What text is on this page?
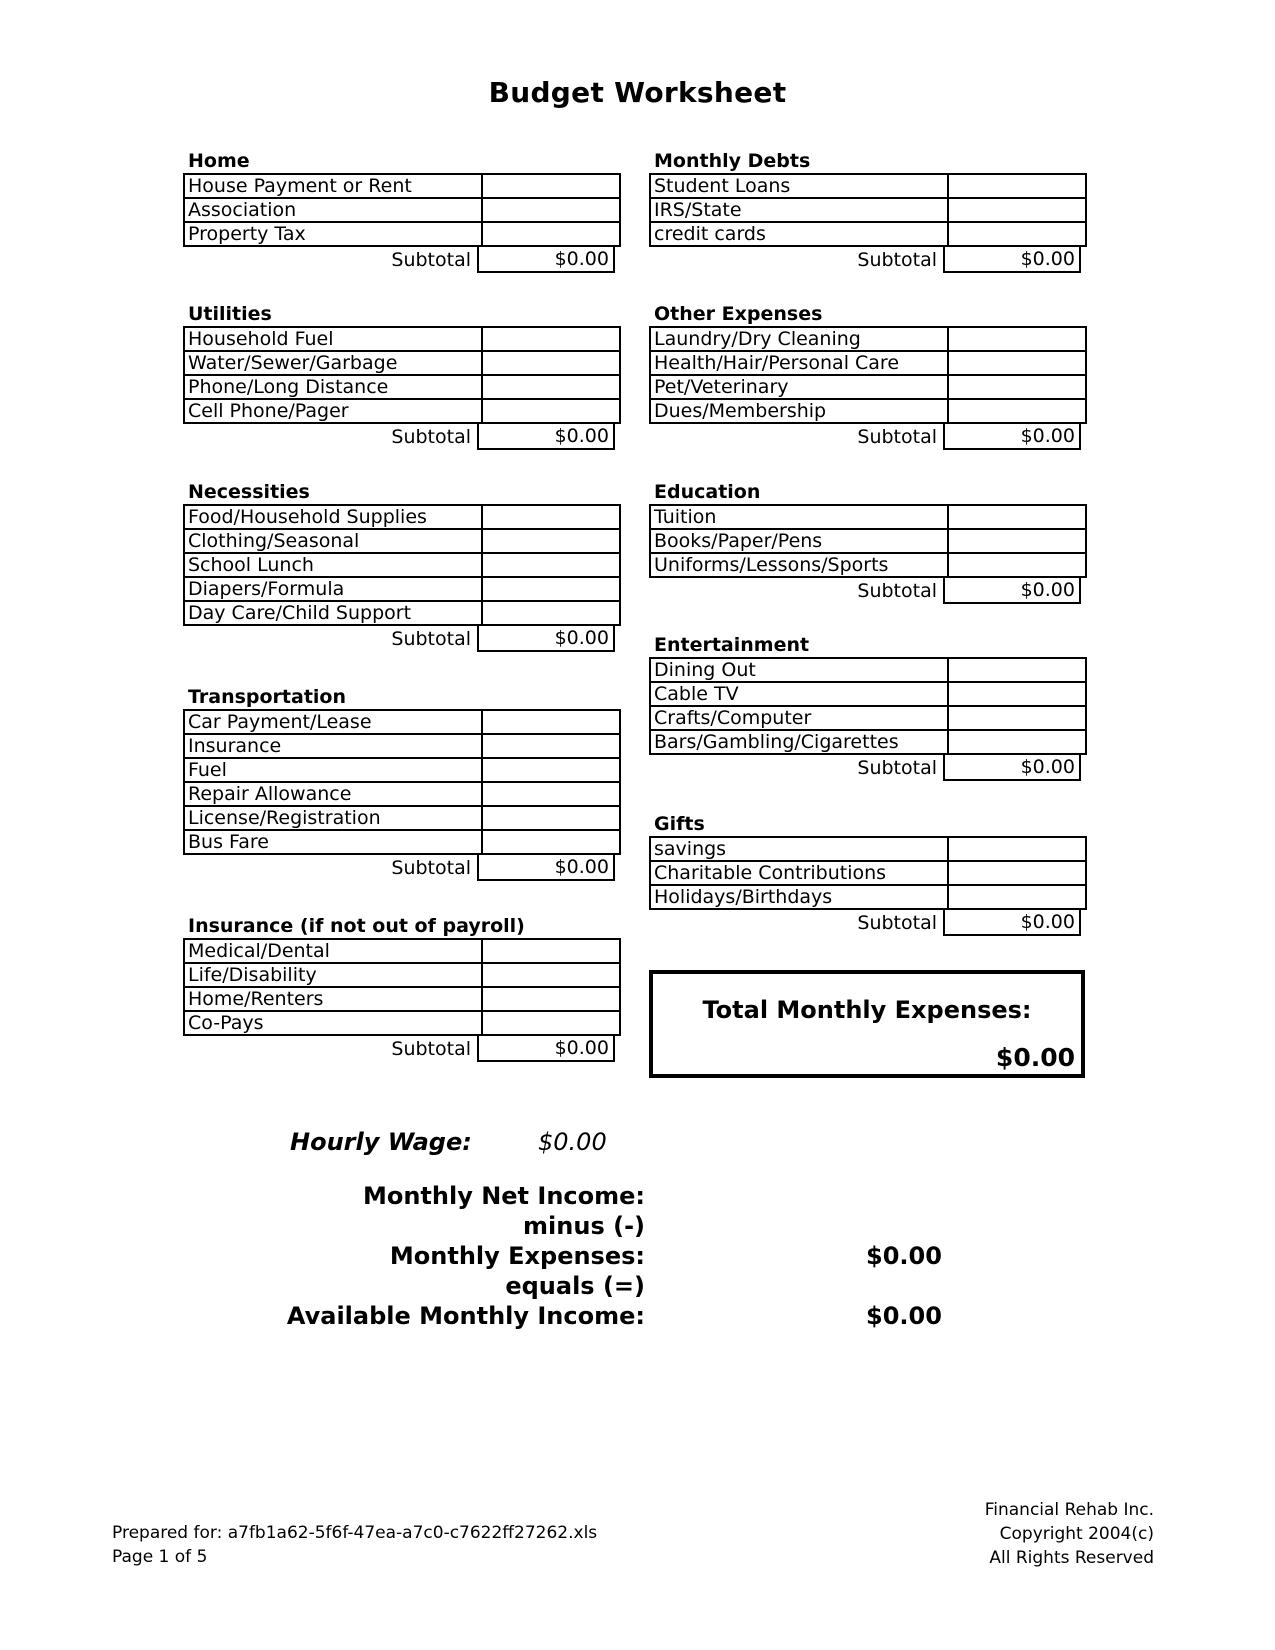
Budget Worksheet
Home
House Payment or Rent	
Association	
Property Tax	
Subtotal	$0.00
Utilities
Household Fuel	
Water/Sewer/Garbage	
Phone/Long Distance	
Cell Phone/Pager	
Subtotal	$0.00
Necessities
Food/Household Supplies	
Clothing/Seasonal	
School Lunch	
Diapers/Formula	
Day Care/Child Support	
Subtotal	$0.00
Transportation
Car Payment/Lease	
Insurance	
Fuel	
Repair Allowance	
License/Registration	
Bus Fare	
Subtotal	$0.00
Insurance (if not out of payroll)
Medical/Dental	
Life/Disability	
Home/Renters	
Co-Pays	
Subtotal	$0.00
Monthly Debts
Student Loans	
IRS/State	
credit cards	
Subtotal	$0.00
Other Expenses
Laundry/Dry Cleaning	
Health/Hair/Personal Care	
Pet/Veterinary	
Dues/Membership	
Subtotal	$0.00
Education
Tuition	
Books/Paper/Pens	
Uniforms/Lessons/Sports	
Subtotal	$0.00
Entertainment
Dining Out	
Cable TV	
Crafts/Computer	
Bars/Gambling/Cigarettes	
Subtotal	$0.00
Gifts
savings	
Charitable Contributions	
Holidays/Birthdays	
Subtotal	$0.00
Total Monthly Expenses:
$0.00
Hourly Wage:	$0.00
Monthly Net Income:
minus (-)
Monthly Expenses:	$0.00
equals (=)
Available Monthly Income:	$0.00
Prepared for: a7fb1a62-5f6f-47ea-a7c0-c7622ff27262.xls
Page 1 of 5
Financial Rehab Inc.
Copyright 2004(c)
All Rights Reserved
